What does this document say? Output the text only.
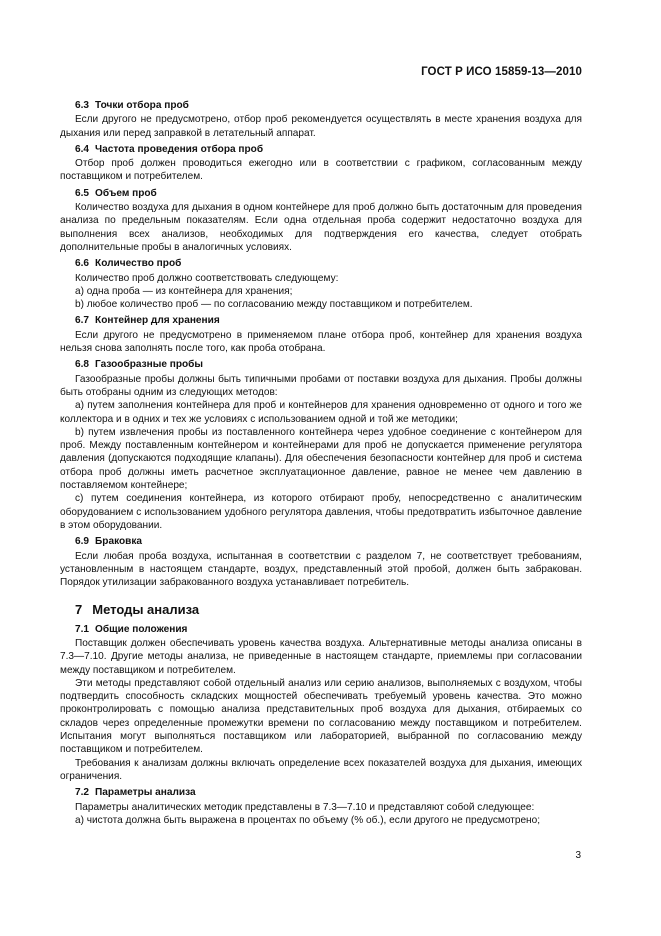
ГОСТ Р ИСО 15859-13—2010
6.3 Точки отбора проб
Если другого не предусмотрено, отбор проб рекомендуется осуществлять в месте хранения воздуха для дыхания или перед заправкой в летательный аппарат.
6.4 Частота проведения отбора проб
Отбор проб должен проводиться ежегодно или в соответствии с графиком, согласованным между поставщиком и потребителем.
6.5 Объем проб
Количество воздуха для дыхания в одном контейнере для проб должно быть достаточным для проведения анализа по предельным показателям. Если одна отдельная проба содержит недостаточно воздуха для выполнения всех анализов, необходимых для подтверждения его качества, следует отобрать дополнительные пробы в аналогичных условиях.
6.6 Количество проб
Количество проб должно соответствовать следующему:
a) одна проба — из контейнера для хранения;
b) любое количество проб — по согласованию между поставщиком и потребителем.
6.7 Контейнер для хранения
Если другого не предусмотрено в применяемом плане отбора проб, контейнер для хранения воздуха нельзя снова заполнять после того, как проба отобрана.
6.8 Газообразные пробы
Газообразные пробы должны быть типичными пробами от поставки воздуха для дыхания. Пробы должны быть отобраны одним из следующих методов:
a) путем заполнения контейнера для проб и контейнеров для хранения одновременно от одного и того же коллектора и в одних и тех же условиях с использованием одной и той же методики;
b) путем извлечения пробы из поставленного контейнера через удобное соединение с контейнером для проб. Между поставленным контейнером и контейнерами для проб не допускается применение регулятора давления (допускаются подходящие клапаны). Для обеспечения безопасности контейнер для проб и система отбора проб должны иметь расчетное эксплуатационное давление, равное не менее чем давлению в поставляемом контейнере;
c) путем соединения контейнера, из которого отбирают пробу, непосредственно с аналитическим оборудованием с использованием удобного регулятора давления, чтобы предотвратить избыточное давление в этом оборудовании.
6.9 Браковка
Если любая проба воздуха, испытанная в соответствии с разделом 7, не соответствует требованиям, установленным в настоящем стандарте, воздух, представленный этой пробой, должен быть забракован. Порядок утилизации забракованного воздуха устанавливает потребитель.
7 Методы анализа
7.1 Общие положения
Поставщик должен обеспечивать уровень качества воздуха. Альтернативные методы анализа описаны в 7.3—7.10. Другие методы анализа, не приведенные в настоящем стандарте, приемлемы при согласовании между поставщиком и потребителем.
Эти методы представляют собой отдельный анализ или серию анализов, выполняемых с воздухом, чтобы подтвердить способность складских мощностей обеспечивать требуемый уровень качества. Это можно проконтролировать с помощью анализа представительных проб воздуха для дыхания, отбираемых со складов через определенные промежутки времени по согласованию между поставщиком и потребителем. Испытания могут выполняться поставщиком или лабораторией, выбранной по согласованию между поставщиком и потребителем.
Требования к анализам должны включать определение всех показателей воздуха для дыхания, имеющих ограничения.
7.2 Параметры анализа
Параметры аналитических методик представлены в 7.3—7.10 и представляют собой следующее:
a) чистота должна быть выражена в процентах по объему (% об.), если другого не предусмотрено;
3
